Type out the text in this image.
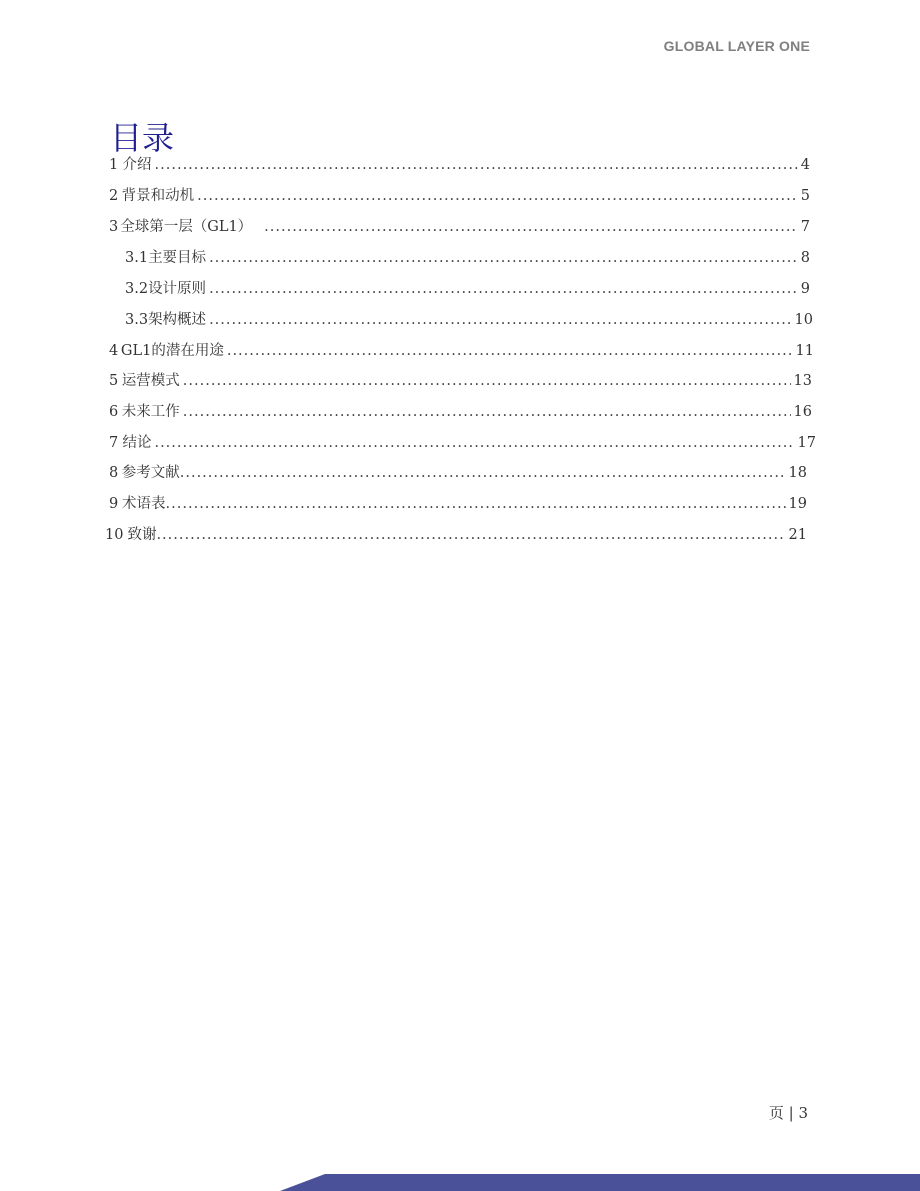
GLOBAL LAYER ONE
目录
1 介绍 .....	4
2 背景和动机 .....	5
3 全球第一层（GL1） .....	7
3.1 主要目标 .....	8
3.2 设计原则 .....	9
3.3 架构概述 .....	10
4 GL1的潜在用途 .....	11
5 运营模式 .....	13
6 未来工作 .....	16
7 结论 .....	17
8 参考文献 .....	18
9 术语表 .....	19
10 致谢 .....	21
页 | 3
